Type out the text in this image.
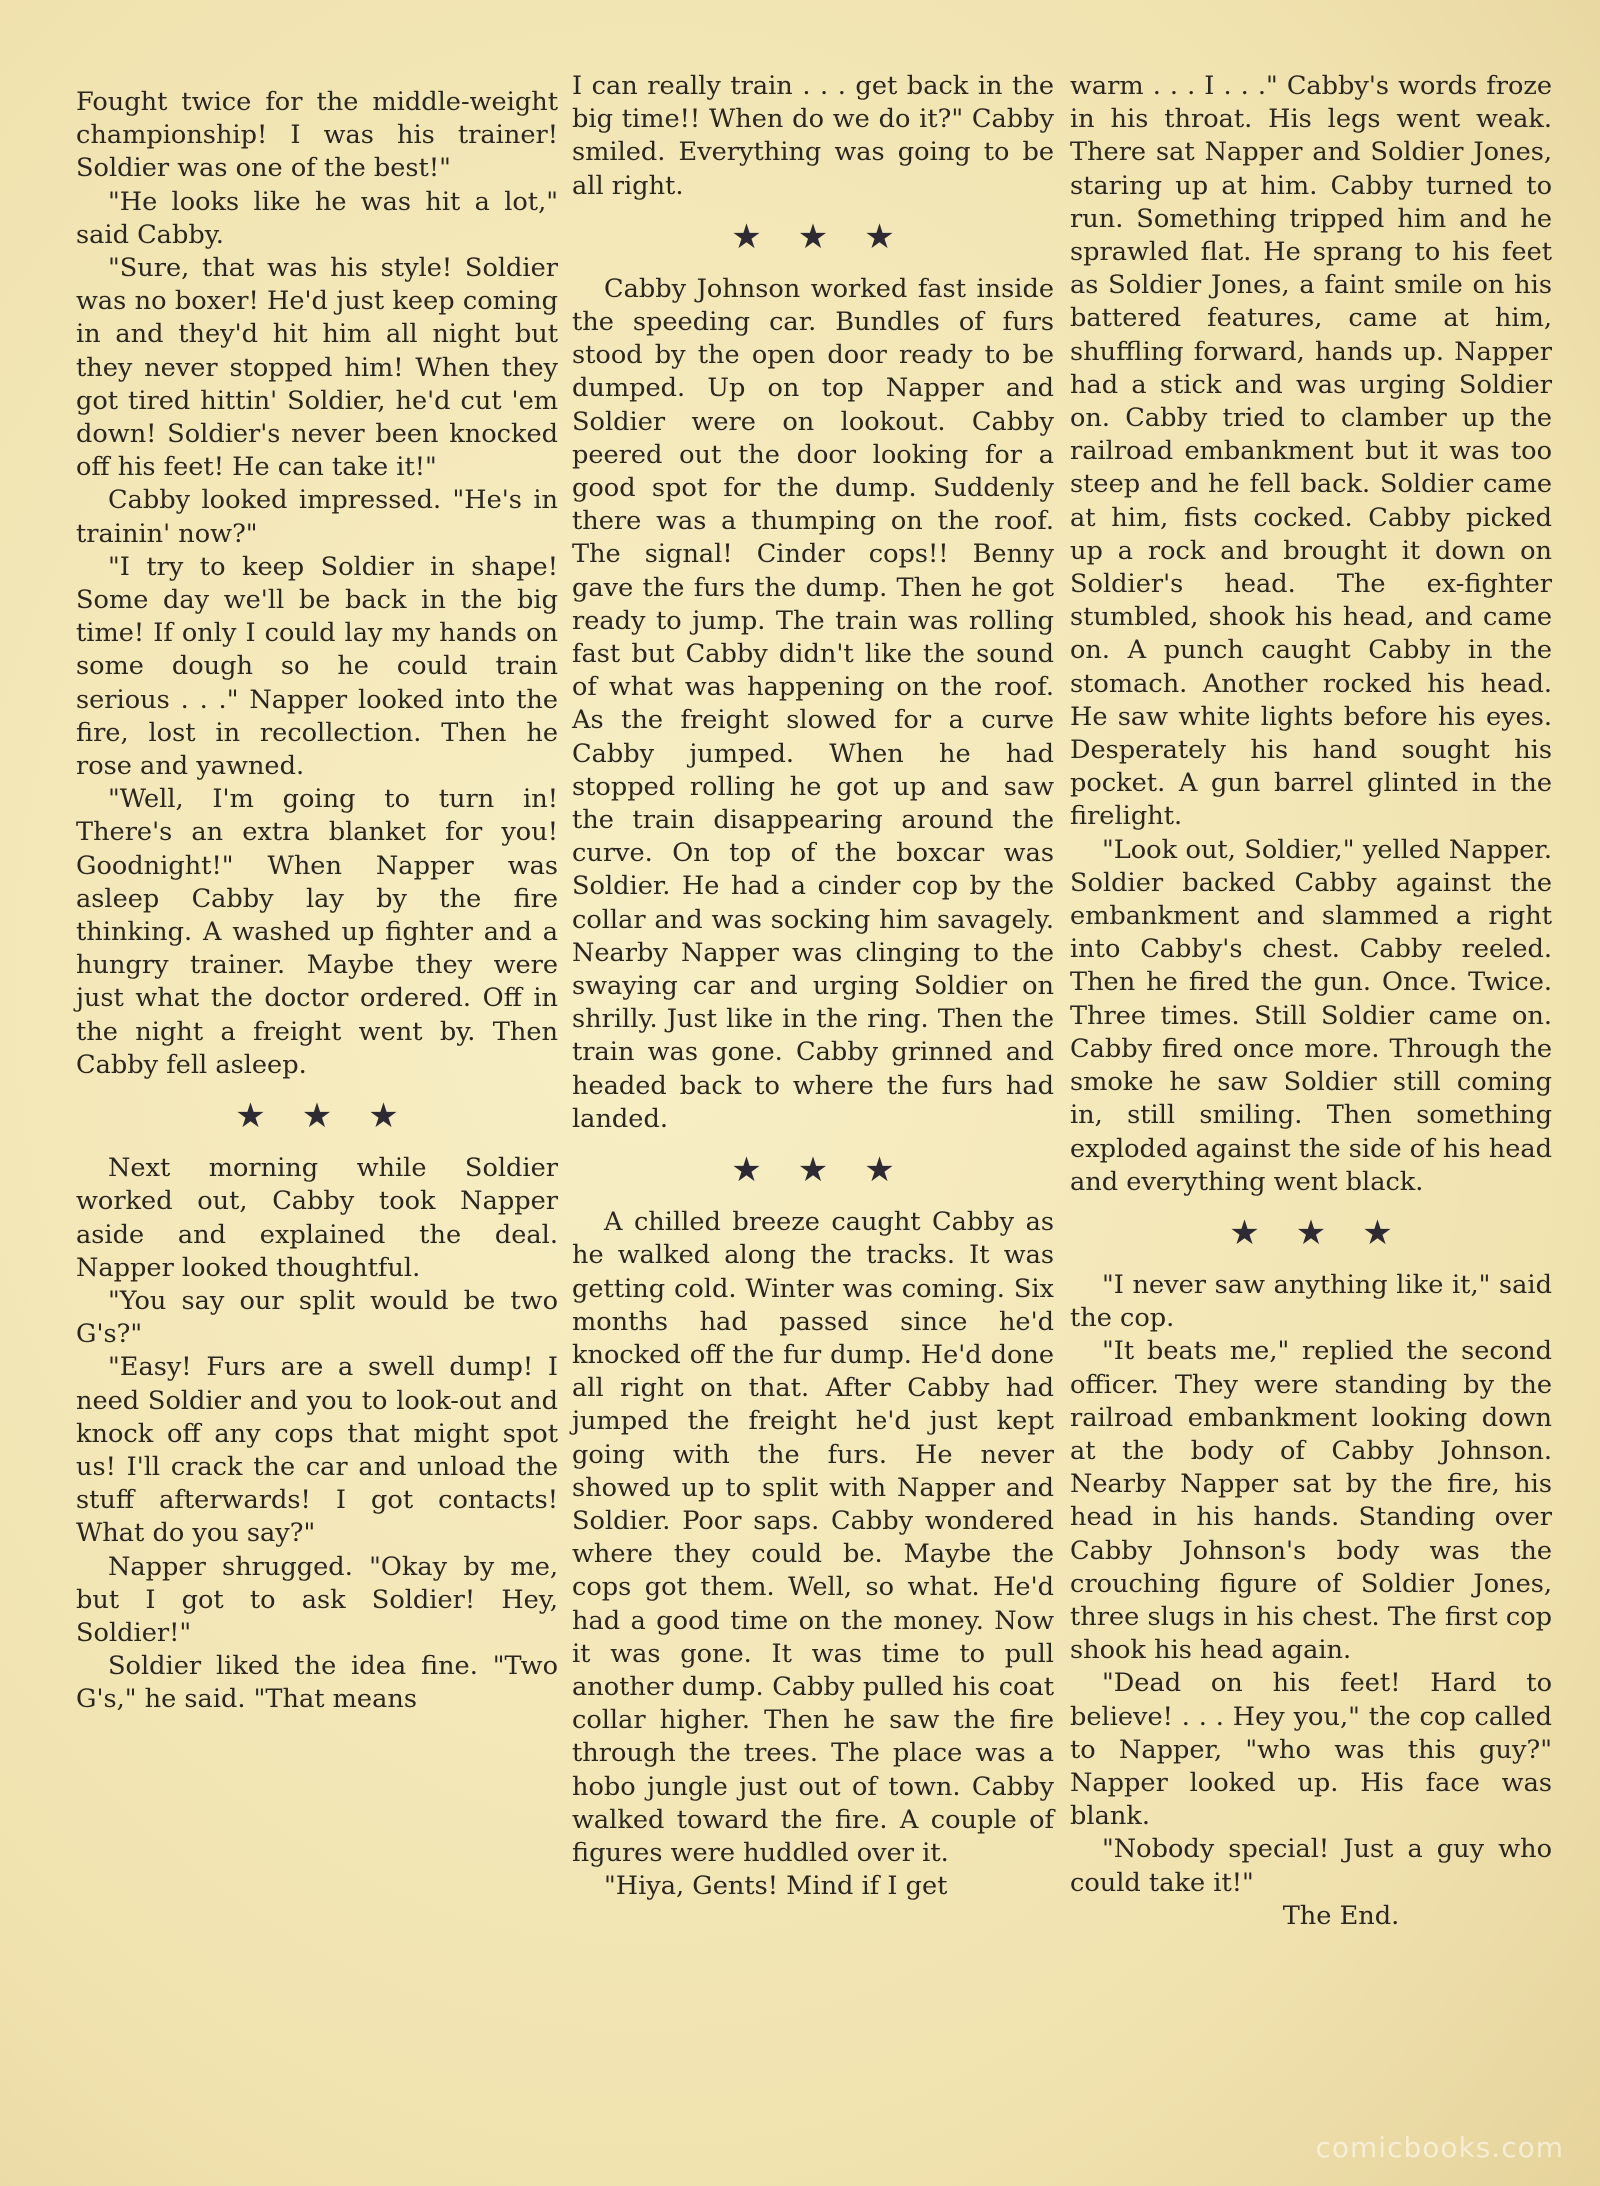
Fought twice for the middle-weight championship! I was his trainer! Soldier was one of the best!"

"He looks like he was hit a lot," said Cabby.

"Sure, that was his style! Soldier was no boxer! He'd just keep coming in and they'd hit him all night but they never stopped him! When they got tired hittin' Soldier, he'd cut 'em down! Soldier's never been knocked off his feet! He can take it!"

Cabby looked impressed. "He's in trainin' now?"

"I try to keep Soldier in shape! Some day we'll be back in the big time! If only I could lay my hands on some dough so he could train serious . . ." Napper looked into the fire, lost in recollection. Then he rose and yawned.

"Well, I'm going to turn in! There's an extra blanket for you! Goodnight!" When Napper was asleep Cabby lay by the fire thinking. A washed up fighter and a hungry trainer. Maybe they were just what the doctor ordered. Off in the night a freight went by. Then Cabby fell asleep.

★ ★ ★

Next morning while Soldier worked out, Cabby took Napper aside and explained the deal. Napper looked thoughtful.

"You say our split would be two G's?"

"Easy! Furs are a swell dump! I need Soldier and you to look-out and knock off any cops that might spot us! I'll crack the car and unload the stuff afterwards! I got contacts! What do you say?"

Napper shrugged. "Okay by me, but I got to ask Soldier! Hey, Soldier!"

Soldier liked the idea fine. "Two G's," he said. "That means

I can really train . . . get back in the big time!! When do we do it?" Cabby smiled. Everything was going to be all right.

★ ★ ★

Cabby Johnson worked fast inside the speeding car. Bundles of furs stood by the open door ready to be dumped. Up on top Napper and Soldier were on lookout. Cabby peered out the door looking for a good spot for the dump. Suddenly there was a thumping on the roof. The signal! Cinder cops!! Benny gave the furs the dump. Then he got ready to jump. The train was rolling fast but Cabby didn't like the sound of what was happening on the roof. As the freight slowed for a curve Cabby jumped. When he had stopped rolling he got up and saw the train disappearing around the curve. On top of the boxcar was Soldier. He had a cinder cop by the collar and was socking him savagely. Nearby Napper was clinging to the swaying car and urging Soldier on shrilly. Just like in the ring. Then the train was gone. Cabby grinned and headed back to where the furs had landed.

★ ★ ★

A chilled breeze caught Cabby as he walked along the tracks. It was getting cold. Winter was coming. Six months had passed since he'd knocked off the fur dump. He'd done all right on that. After Cabby had jumped the freight he'd just kept going with the furs. He never showed up to split with Napper and Soldier. Poor saps. Cabby wondered where they could be. Maybe the cops got them. Well, so what. He'd had a good time on the money. Now it was gone. It was time to pull another dump. Cabby pulled his coat collar higher. Then he saw the fire through the trees. The place was a hobo jungle just out of town. Cabby walked toward the fire. A couple of figures were huddled over it.

"Hiya, Gents! Mind if I get

warm . . . I . . ." Cabby's words froze in his throat. His legs went weak. There sat Napper and Soldier Jones, staring up at him. Cabby turned to run. Something tripped him and he sprawled flat. He sprang to his feet as Soldier Jones, a faint smile on his battered features, came at him, shuffling forward, hands up. Napper had a stick and was urging Soldier on. Cabby tried to clamber up the railroad embankment but it was too steep and he fell back. Soldier came at him, fists cocked. Cabby picked up a rock and brought it down on Soldier's head. The ex-fighter stumbled, shook his head, and came on. A punch caught Cabby in the stomach. Another rocked his head. He saw white lights before his eyes. Desperately his hand sought his pocket. A gun barrel glinted in the firelight.

"Look out, Soldier," yelled Napper. Soldier backed Cabby against the embankment and slammed a right into Cabby's chest. Cabby reeled. Then he fired the gun. Once. Twice. Three times. Still Soldier came on. Cabby fired once more. Through the smoke he saw Soldier still coming in, still smiling. Then something exploded against the side of his head and everything went black.

★ ★ ★

"I never saw anything like it," said the cop.

"It beats me," replied the second officer. They were standing by the railroad embankment looking down at the body of Cabby Johnson. Nearby Napper sat by the fire, his head in his hands. Standing over Cabby Johnson's body was the crouching figure of Soldier Jones, three slugs in his chest. The first cop shook his head again.

"Dead on his feet! Hard to believe! . . . Hey you," the cop called to Napper, "who was this guy?" Napper looked up. His face was blank.

"Nobody special! Just a guy who could take it!"

The End.

comicbooks.com
